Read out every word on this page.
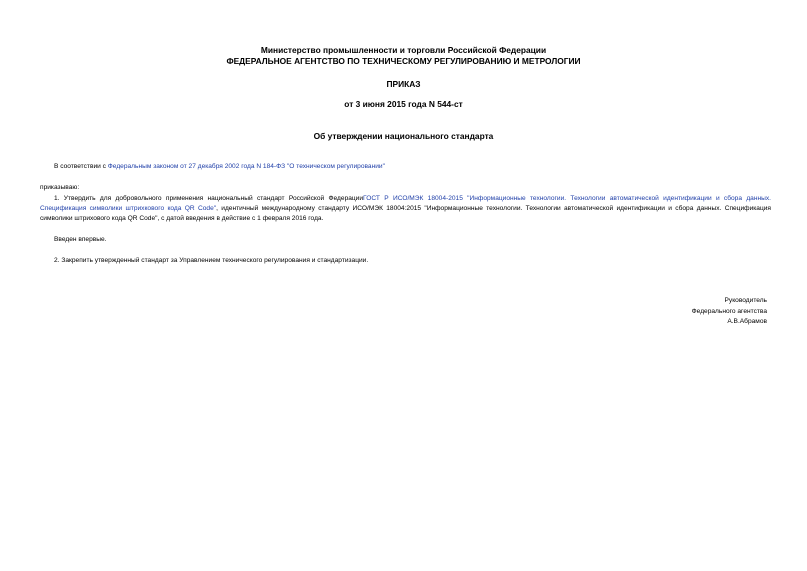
Министерство промышленности и торговли Российской Федерации
ФЕДЕРАЛЬНОЕ АГЕНТСТВО ПО ТЕХНИЧЕСКОМУ РЕГУЛИРОВАНИЮ И МЕТРОЛОГИИ
ПРИКАЗ
от 3 июня 2015 года N 544-ст
Об утверждении национального стандарта
В соответствии с Федеральным законом от 27 декабря 2002 года N 184-ФЗ "О техническом регулировании"
приказываю:
1. Утвердить для добровольного применения национальный стандарт Российской ФедерацииГОСТ Р ИСО/МЭК 18004-2015 "Информационные технологии. Технологии автоматической идентификации и сбора данных. Спецификация символики штрихкового кода QR Code", идентичный международному стандарту ИСО/МЭК 18004:2015 "Информационные технологии. Технологии автоматической идентификации и сбора данных. Спецификация символики штрихового кода QR Code", с датой введения в действие с 1 февраля 2016 года.
Введен впервые.
2. Закрепить утвержденный стандарт за Управлением технического регулирования и стандартизации.
Руководитель
Федерального агентства
А.В.Абрамов
